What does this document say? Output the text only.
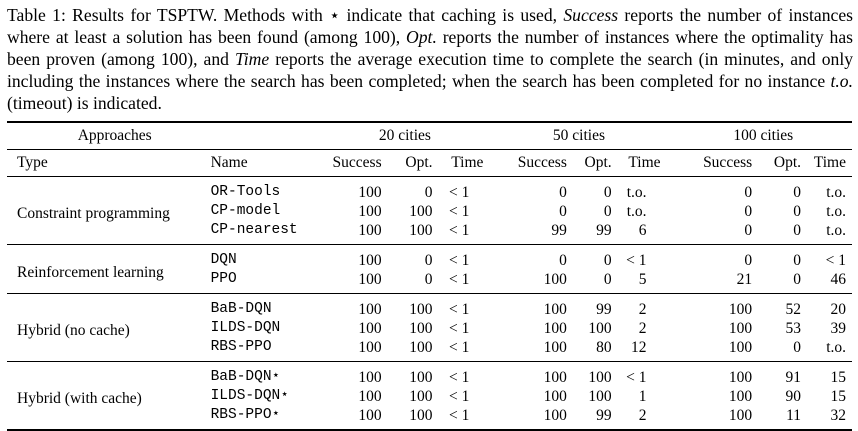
Table 1: Results for TSPTW. Methods with ⋆ indicate that caching is used, Success reports the number of instances where at least a solution has been found (among 100), Opt. reports the number of instances where the optimality has been proven (among 100), and Time reports the average execution time to complete the search (in minutes, and only including the instances where the search has been completed; when the search has been completed for no instance t.o. (timeout) is indicated.
Approaches		20 cities			50 cities			100 cities		
Type	Name	Success	Opt.	Time	Success	Opt.	Time	Success	Opt.	Time
Constraint programming	OR-Tools	100	0	< 1	0	0	t.o.	0	0	t.o.
	CP-model	100	100	< 1	0	0	t.o.	0	0	t.o.
	CP-nearest	100	100	< 1	99	99	6	0	0	t.o.
Reinforcement learning	DQN	100	0	< 1	0	0	< 1	0	0	< 1
	PPO	100	0	< 1	100	0	5	21	0	46
Hybrid (no cache)	BaB-DQN	100	100	< 1	100	99	2	100	52	20
	ILDS-DQN	100	100	< 1	100	100	2	100	53	39
	RBS-PPO	100	100	< 1	100	80	12	100	0	t.o.
Hybrid (with cache)	BaB-DQN⋆	100	100	< 1	100	100	< 1	100	91	15
	ILDS-DQN⋆	100	100	< 1	100	100	1	100	90	15
	RBS-PPO⋆	100	100	< 1	100	99	2	100	11	32
